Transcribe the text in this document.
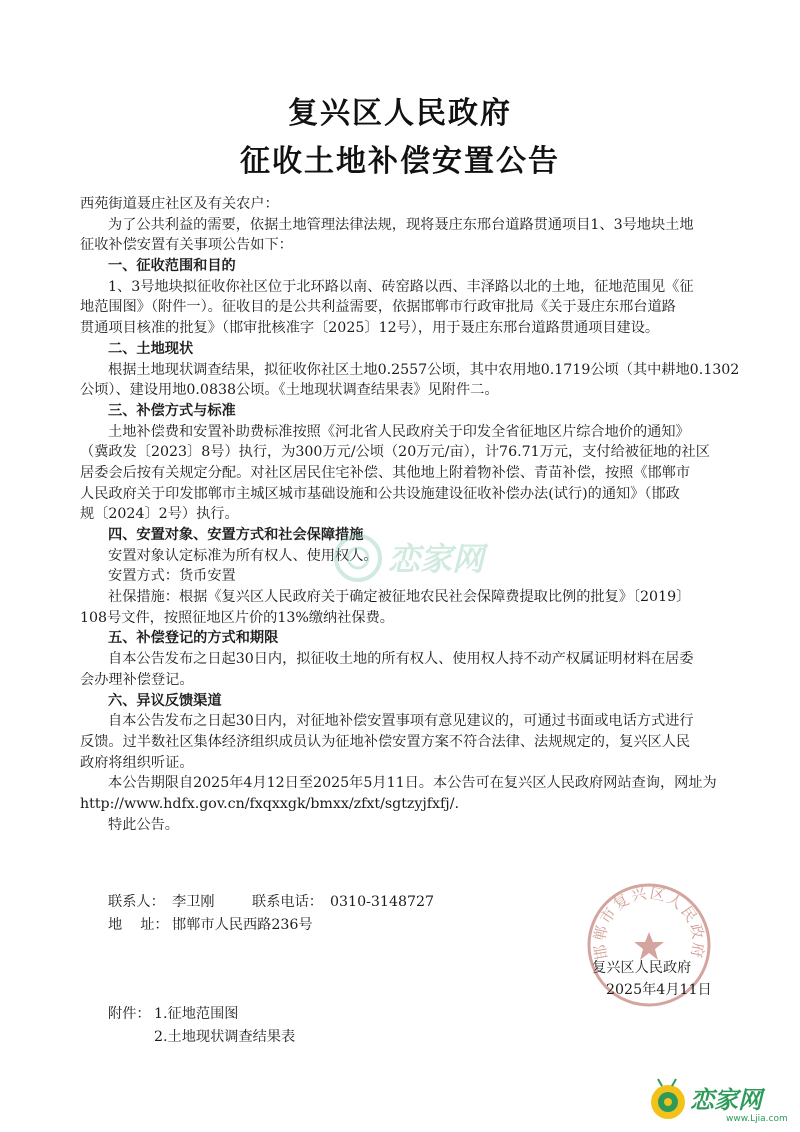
复兴区人民政府
征收土地补偿安置公告
西苑街道聂庄社区及有关农户：
为了公共利益的需要，依据土地管理法律法规，现将聂庄东邢台道路贯通项目1、3号地块土地
征收补偿安置有关事项公告如下：
一、征收范围和目的
1、3号地块拟征收你社区位于北环路以南、砖窑路以西、丰泽路以北的土地，征地范围见《征
地范围图》（附件一）。征收目的是公共利益需要，依据邯郸市行政审批局《关于聂庄东邢台道路
贯通项目核准的批复》（邯审批核准字〔2025〕12号），用于聂庄东邢台道路贯通项目建设。
二、土地现状
根据土地现状调查结果，拟征收你社区土地0.2557公顷，其中农用地0.1719公顷（其中耕地0.1302
公顷）、建设用地0.0838公顷。《土地现状调查结果表》见附件二。
三、补偿方式与标准
土地补偿费和安置补助费标准按照《河北省人民政府关于印发全省征地区片综合地价的通知》
（冀政发〔2023〕8号）执行，为300万元/公顷（20万元/亩），计76.71万元，支付给被征地的社区
居委会后按有关规定分配。对社区居民住宅补偿、其他地上附着物补偿、青苗补偿，按照《邯郸市
人民政府关于印发邯郸市主城区城市基础设施和公共设施建设征收补偿办法(试行)的通知》（邯政
规〔2024〕2号）执行。
四、安置对象、安置方式和社会保障措施
安置对象认定标准为所有权人、使用权人。
安置方式：货币安置
社保措施：根据《复兴区人民政府关于确定被征地农民社会保障费提取比例的批复》〔2019〕
108号文件，按照征地区片价的13%缴纳社保费。
五、补偿登记的方式和期限
自本公告发布之日起30日内，拟征收土地的所有权人、使用权人持不动产权属证明材料在居委
会办理补偿登记。
六、异议反馈渠道
自本公告发布之日起30日内，对征地补偿安置事项有意见建议的，可通过书面或电话方式进行
反馈。过半数社区集体经济组织成员认为征地补偿安置方案不符合法律、法规规定的，复兴区人民
政府将组织听证。
本公告期限自2025年4月12日至2025年5月11日。本公告可在复兴区人民政府网站查询，网址为
http://www.hdfx.gov.cn/fxqxxgk/bmxx/zfxt/sgtzyjfxfj/.
特此公告。
联系人： 李卫刚	联系电话： 0310-3148727
地    址： 邯郸市人民西路236号
邯郸市复兴区人民政府
复兴区人民政府
2025年4月11日
附件： 1.征地范围图
2.土地现状调查结果表
恋家网
恋家网
www.Ljia.com
